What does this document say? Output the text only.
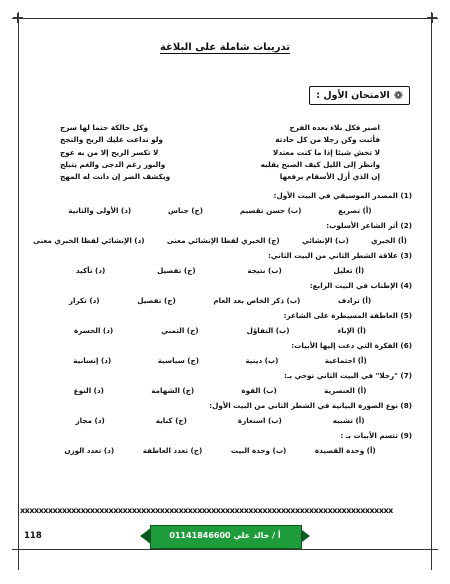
تدريبات شاملة على البلاغة
❁
الامتحان الأول :
اصبر فكل بلاء بعده الفرج
وكل حالكة حتما لها سرج
فأثبت وكن رجلا من كل حادثة
ولو تداعت عليك الريح والتجج
لا تخش شيئا إذا ما كنت معتدلا
لا تكسر الريح إلا من به عوج
وانظر إلى الليل كيف الصبح يقلبه
والنور رغم الدجى والغم يتبلج
إن الذي أزل الأسقام يرفعها
ويكشف الضر إن دانت له المهج
(1) المصدر الموسيقي في البيت الأول:
(أ) تصريع
(ب) حسن تقسيم
(ج) جناس
(د) الأولى والثانية
(2) أثر الشاعر الأسلوب:
(أ) الخبري
(ب) الإنشائي
(ج) الخبري لفظا الإنشائي معنى
(د) الإنشائي لفظا الخبري معنى
(3) علاقة الشطر الثاني من البيت الثاني:
(أ) تعليل
(ب) نتيجة
(ج) تفصيل
(د) تأكيد
(4) الإطناب في البيت الرابع:
(أ) ترادف
(ب) ذكر الخاص بعد العام
(ج) تفصيل
(د) تكرار
(5) العاطفة المسيطرة على الشاعر:
(أ) الإباء
(ب) التفاؤل
(ج) التمني
(د) الحسرة
(6) الفكرة التي دعت إليها الأبيات:
(أ) اجتماعية
(ب) دينية
(ج) سياسية
(د) إنسانية
(7) "رجلا" في البيت الثاني توحي بـ:
(أ) العنصرية
(ب) القوة
(ج) الشهامة
(د) النوع
(8) نوع الصورة البيانية في الشطر الثاني من البيت الأول:
(أ) تشبيه
(ب) استعارة
(ج) كناية
(د) مجاز
(9) تتسم الأبيات بـ :
(أ) وحدة القصيدة
(ب) وحدة البيت
(ج) تعدد العاطفة
(د) تعدد الوزن
xxxxxxxxxxxxxxxxxxxxxxxxxxxxxxxxxxxxxxxxxxxxxxxxxxxxxxxxxxxxxxxxxxxxxxxxxxxxxxxx
118	أ / خالد علي 01141846600
